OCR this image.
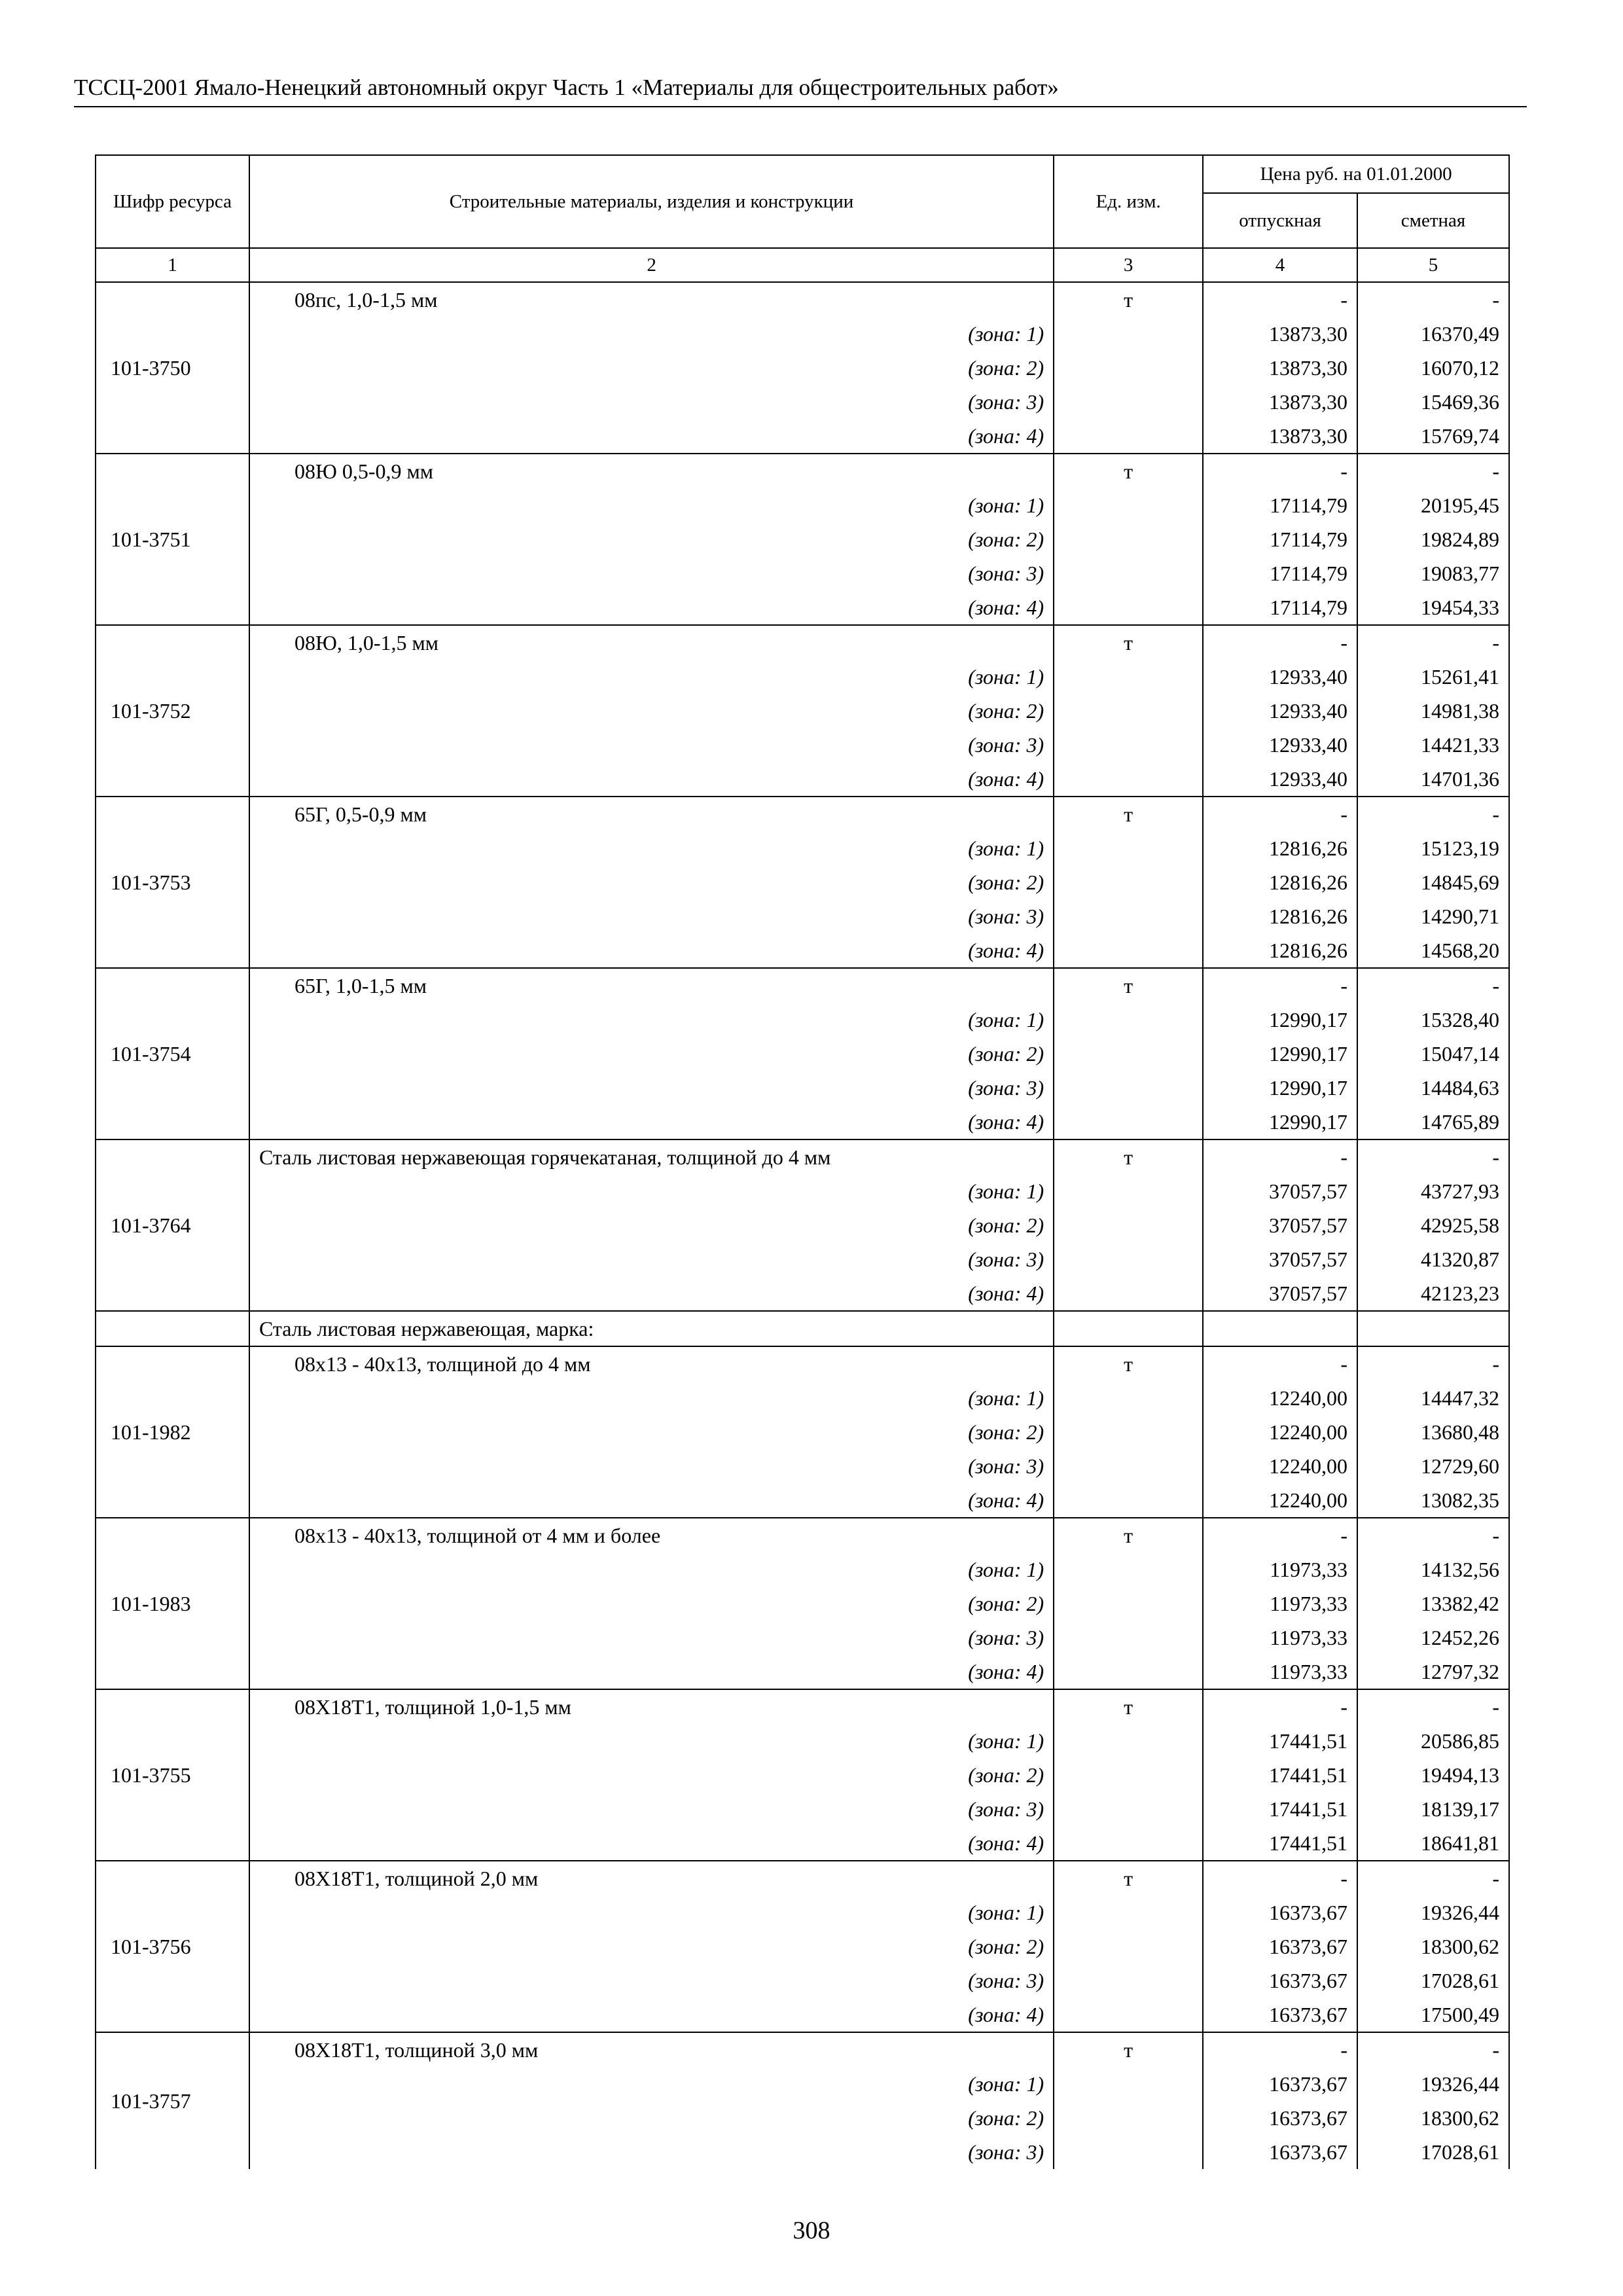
ТССЦ-2001 Ямало-Ненецкий автономный округ Часть 1 «Материалы для общестроительных работ»
Шифр ресурса	Строительные материалы, изделия и конструкции	Ед. изм.	Цена руб. на 01.01.2000	
			отпускная	сметная
1	2	3	4	5
101-3750	08пс, 1,0-1,5 мм	т	-	-
	(зона: 1)		13873,30	16370,49
	(зона: 2)		13873,30	16070,12
	(зона: 3)		13873,30	15469,36
	(зона: 4)		13873,30	15769,74
101-3751	08Ю 0,5-0,9 мм	т	-	-
	(зона: 1)		17114,79	20195,45
	(зона: 2)		17114,79	19824,89
	(зона: 3)		17114,79	19083,77
	(зона: 4)		17114,79	19454,33
101-3752	08Ю, 1,0-1,5 мм	т	-	-
	(зона: 1)		12933,40	15261,41
	(зона: 2)		12933,40	14981,38
	(зона: 3)		12933,40	14421,33
	(зона: 4)		12933,40	14701,36
101-3753	65Г, 0,5-0,9 мм	т	-	-
	(зона: 1)		12816,26	15123,19
	(зона: 2)		12816,26	14845,69
	(зона: 3)		12816,26	14290,71
	(зона: 4)		12816,26	14568,20
101-3754	65Г, 1,0-1,5 мм	т	-	-
	(зона: 1)		12990,17	15328,40
	(зона: 2)		12990,17	15047,14
	(зона: 3)		12990,17	14484,63
	(зона: 4)		12990,17	14765,89
101-3764	Сталь листовая нержавеющая горячекатаная, толщиной до 4 мм	т	-	-
	(зона: 1)		37057,57	43727,93
	(зона: 2)		37057,57	42925,58
	(зона: 3)		37057,57	41320,87
	(зона: 4)		37057,57	42123,23
	Сталь листовая нержавеющая, марка:			
101-1982	08х13 - 40х13, толщиной до 4 мм	т	-	-
	(зона: 1)		12240,00	14447,32
	(зона: 2)		12240,00	13680,48
	(зона: 3)		12240,00	12729,60
	(зона: 4)		12240,00	13082,35
101-1983	08х13 - 40х13, толщиной от 4 мм и более	т	-	-
	(зона: 1)		11973,33	14132,56
	(зона: 2)		11973,33	13382,42
	(зона: 3)		11973,33	12452,26
	(зона: 4)		11973,33	12797,32
101-3755	08Х18Т1, толщиной 1,0-1,5 мм	т	-	-
	(зона: 1)		17441,51	20586,85
	(зона: 2)		17441,51	19494,13
	(зона: 3)		17441,51	18139,17
	(зона: 4)		17441,51	18641,81
101-3756	08Х18Т1, толщиной 2,0 мм	т	-	-
	(зона: 1)		16373,67	19326,44
	(зона: 2)		16373,67	18300,62
	(зона: 3)		16373,67	17028,61
	(зона: 4)		16373,67	17500,49
101-3757	08Х18Т1, толщиной 3,0 мм	т	-	-
	(зона: 1)		16373,67	19326,44
	(зона: 2)		16373,67	18300,62
	(зона: 3)		16373,67	17028,61
308
